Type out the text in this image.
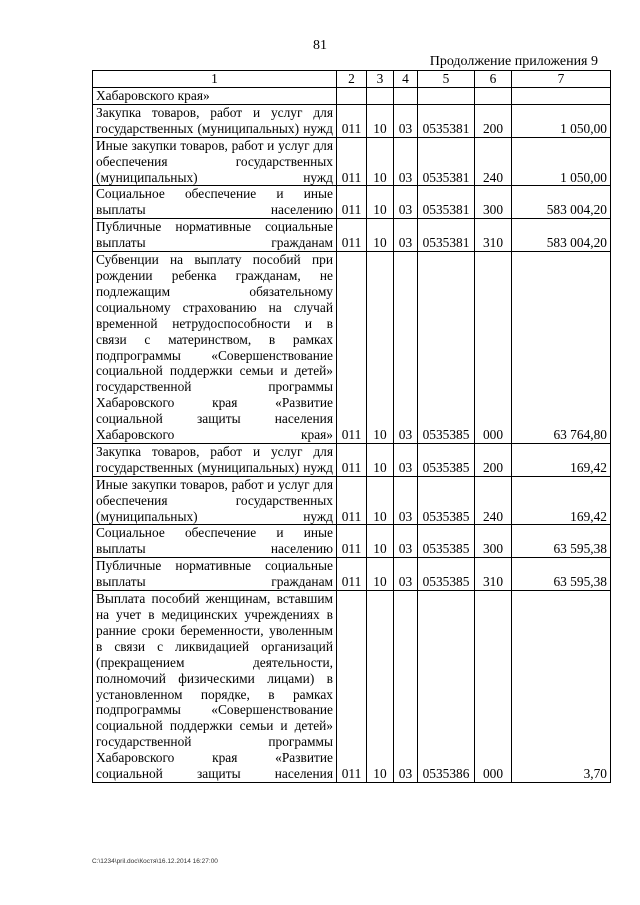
81
Продолжение приложения 9
1	2	3	4	5	6	7
Хабаровского края»						
Закупка товаров, работ и услуг для государственных (муниципальных) нужд	011	10	03	0535381	200	1 050,00
Иные закупки товаров, работ и услуг для обеспечения государственных (муниципальных) нужд	011	10	03	0535381	240	1 050,00
Социальное обеспечение и иные выплаты населению	011	10	03	0535381	300	583 004,20
Публичные нормативные социальные выплаты гражданам	011	10	03	0535381	310	583 004,20
Субвенции на выплату пособий при рождении ребенка гражданам, не подлежащим обязательному социальному страхованию на случай временной нетрудоспособности и в связи с материнством, в рамках подпрограммы «Совершенствование социальной поддержки семьи и детей» государственной программы Хабаровского края «Развитие социальной защиты населения Хабаровского края»	011	10	03	0535385	000	63 764,80
Закупка товаров, работ и услуг для государственных (муниципальных) нужд	011	10	03	0535385	200	169,42
Иные закупки товаров, работ и услуг для обеспечения государственных (муниципальных) нужд	011	10	03	0535385	240	169,42
Социальное обеспечение и иные выплаты населению	011	10	03	0535385	300	63 595,38
Публичные нормативные социальные выплаты гражданам	011	10	03	0535385	310	63 595,38
Выплата пособий женщинам, вставшим на учет в медицинских учреждениях в ранние сроки беременности, уволенным в связи с ликвидацией организаций (прекращением деятельности, полномочий физическими лицами) в установленном порядке, в рамках подпрограммы «Совершенствование социальной поддержки семьи и детей» государственной программы Хабаровского края «Развитие социальной защиты населения	011	10	03	0535386	000	3,70
C:\1234\pril.doc\Костя\16.12.2014 16:27:00
